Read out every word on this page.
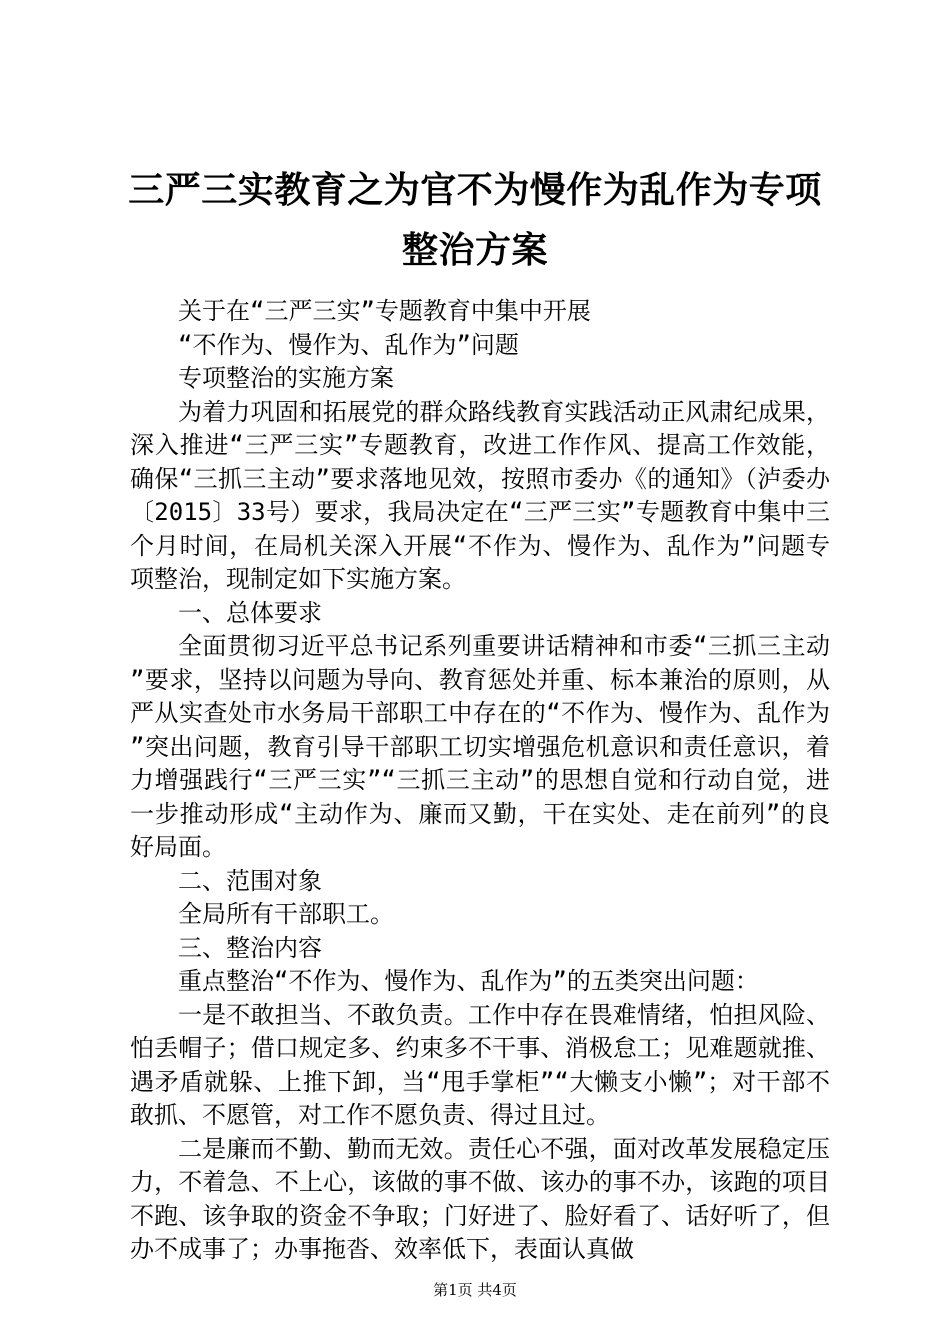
三严三实教育之为官不为慢作为乱作为专项整治方案

关于在“三严三实”专题教育中集中开展

“不作为、慢作为、乱作为”问题

专项整治的实施方案

为着力巩固和拓展党的群众路线教育实践活动正风肃纪成果，深入推进“三严三实”专题教育，改进工作作风、提高工作效能，确保“三抓三主动”要求落地见效，按照市委办《的通知》（泸委办〔2015〕33号）要求，我局决定在“三严三实”专题教育中集中三个月时间，在局机关深入开展“不作为、慢作为、乱作为”问题专项整治，现制定如下实施方案。

一、总体要求

全面贯彻习近平总书记系列重要讲话精神和市委“三抓三主动”要求，坚持以问题为导向、教育惩处并重、标本兼治的原则，从严从实查处市水务局干部职工中存在的“不作为、慢作为、乱作为”突出问题，教育引导干部职工切实增强危机意识和责任意识，着力增强践行“三严三实”“三抓三主动”的思想自觉和行动自觉，进一步推动形成“主动作为、廉而又勤，干在实处、走在前列”的良好局面。

二、范围对象

全局所有干部职工。

三、整治内容

重点整治“不作为、慢作为、乱作为”的五类突出问题：

一是不敢担当、不敢负责。工作中存在畏难情绪，怕担风险、怕丢帽子；借口规定多、约束多不干事、消极怠工；见难题就推、遇矛盾就躲、上推下卸，当“甩手掌柜”“大懒支小懒”；对干部不敢抓、不愿管，对工作不愿负责、得过且过。

二是廉而不勤、勤而无效。责任心不强，面对改革发展稳定压力，不着急、不上心，该做的事不做、该办的事不办，该跑的项目不跑、该争取的资金不争取；门好进了、脸好看了、话好听了，但办不成事了；办事拖沓、效率低下，表面认真做

第1页 共4页
